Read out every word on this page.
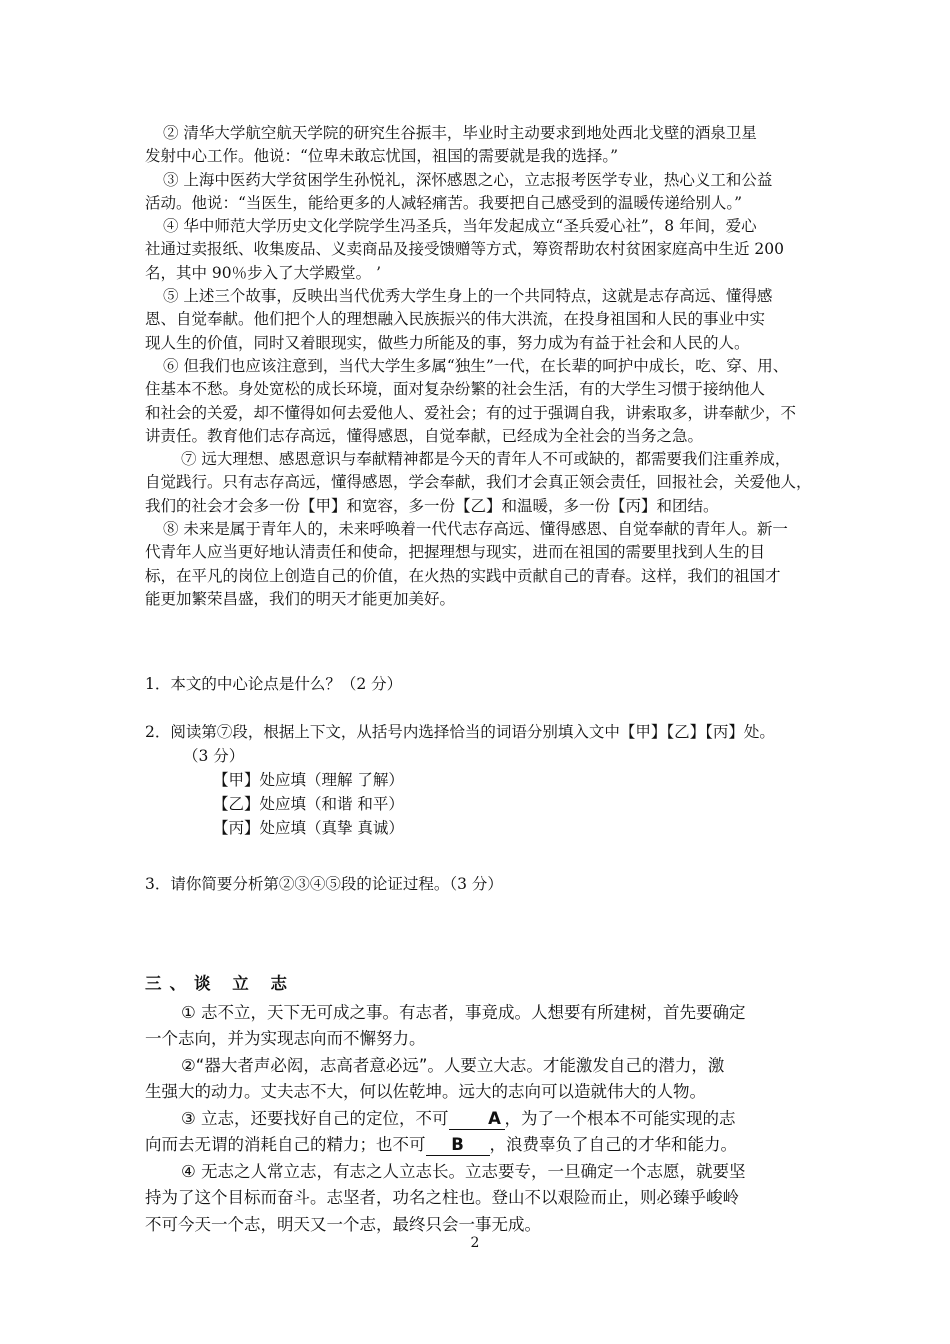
② 清华大学航空航天学院的研究生谷振丰，毕业时主动要求到地处西北戈壁的酒泉卫星

发射中心工作。他说：“位卑未敢忘忧国，祖国的需要就是我的选择。”

③ 上海中医药大学贫困学生孙悦礼，深怀感恩之心，立志报考医学专业，热心义工和公益

活动。他说：“当医生，能给更多的人减轻痛苦。我要把自己感受到的温暖传递给别人。”

④ 华中师范大学历史文化学院学生冯圣兵，当年发起成立“圣兵爱心社”，8 年间，爱心

社通过卖报纸、收集废品、义卖商品及接受馈赠等方式，筹资帮助农村贫困家庭高中生近 200

名，其中 90％步入了大学殿堂。 ’

⑤ 上述三个故事，反映出当代优秀大学生身上的一个共同特点，这就是志存高远、懂得感

恩、自觉奉献。他们把个人的理想融入民族振兴的伟大洪流，在投身祖国和人民的事业中实

现人生的价值，同时又着眼现实，做些力所能及的事，努力成为有益于社会和人民的人。

⑥ 但我们也应该注意到，当代大学生多属“独生”一代，在长辈的呵护中成长，吃、穿、用、

住基本不愁。身处宽松的成长环境，面对复杂纷繁的社会生活，有的大学生习惯于接纳他人

和社会的关爱，却不懂得如何去爱他人、爱社会；有的过于强调自我，讲索取多，讲奉献少，不

讲责任。教育他们志存高远，懂得感恩，自觉奉献，已经成为全社会的当务之急。

⑦ 远大理想、感恩意识与奉献精神都是今天的青年人不可或缺的，都需要我们注重养成，

自觉践行。只有志存高远，懂得感恩，学会奉献，我们才会真正领会责任，回报社会，关爱他人，

我们的社会才会多一份【甲】和宽容，多一份【乙】和温暖，多一份【丙】和团结。

⑧ 未来是属于青年人的，未来呼唤着一代代志存高远、懂得感恩、自觉奉献的青年人。新一

代青年人应当更好地认清责任和使命，把握理想与现实，进而在祖国的需要里找到人生的目

标，在平凡的岗位上创造自己的价值，在火热的实践中贡献自己的青春。这样，我们的祖国才

能更加繁荣昌盛，我们的明天才能更加美好。

1．本文的中心论点是什么？（2 分）

2．阅读第⑦段，根据上下文，从括号内选择恰当的词语分别填入文中【甲】【乙】【丙】处。

（3 分）

【甲】处应填（理解 了解）

【乙】处应填（和谐 和平）

【丙】处应填（真挚 真诚）

3．请你简要分析第②③④⑤段的论证过程。（3 分）

三、谈 立 志

① 志不立，天下无可成之事。有志者，事竟成。人想要有所建树，首先要确定

一个志向，并为实现志向而不懈努力。

②“器大者声必闳，志高者意必远”。人要立大志。才能激发自己的潜力，激

生强大的动力。丈夫志不大，何以佐乾坤。远大的志向可以造就伟大的人物。

③ 立志，还要找好自己的定位，不可 A ，为了一个根本不可能实现的志

向而去无谓的消耗自己的精力；也不可 B ，浪费辜负了自己的才华和能力。

④ 无志之人常立志，有志之人立志长。立志要专，一旦确定一个志愿，就要坚

持为了这个目标而奋斗。志坚者，功名之柱也。登山不以艰险而止，则必臻乎峻岭

不可今天一个志，明天又一个志，最终只会一事无成。

2
